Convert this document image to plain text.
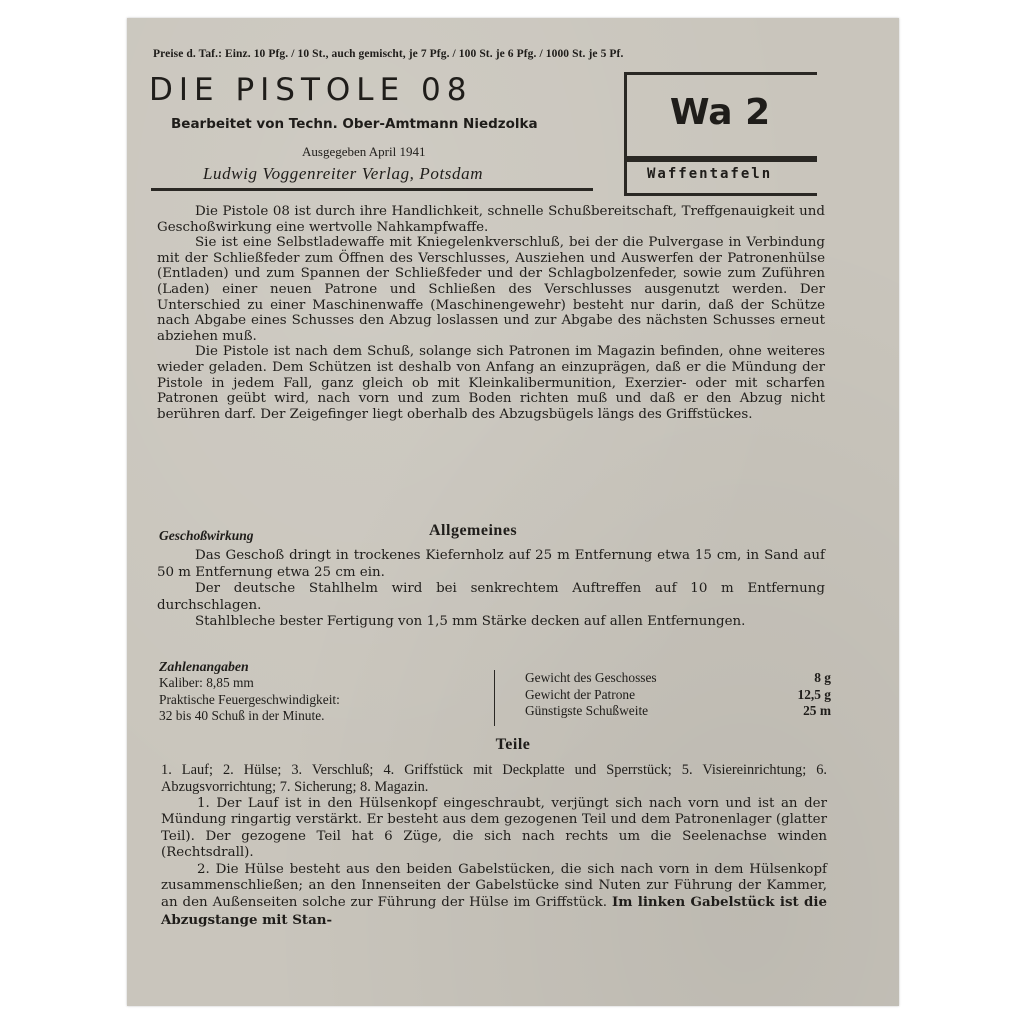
Preise d. Taf.: Einz. 10 Pfg. / 10 St., auch gemischt, je 7 Pfg. / 100 St. je 6 Pfg. / 1000 St. je 5 Pf.
DIE PISTOLE 08
Bearbeitet von Techn. Ober-Amtmann Niedzolka
Ausgegeben April 1941
Ludwig Voggenreiter Verlag, Potsdam
Wa 2
Waffentafeln

Die Pistole 08 ist durch ihre Handlichkeit, schnelle Schußbereitschaft, Treffgenauigkeit und Geschoßwirkung eine wertvolle Nahkampfwaffe.

Sie ist eine Selbstladewaffe mit Kniegelenkverschluß, bei der die Pulvergase in Verbindung mit der Schließfeder zum Öffnen des Verschlusses, Ausziehen und Auswerfen der Patronenhülse (Entladen) und zum Spannen der Schließfeder und der Schlagbolzenfeder, sowie zum Zuführen (Laden) einer neuen Patrone und Schließen des Verschlusses ausgenutzt werden. Der Unterschied zu einer Maschinenwaffe (Maschinengewehr) besteht nur darin, daß der Schütze nach Abgabe eines Schusses den Abzug loslassen und zur Abgabe des nächsten Schusses erneut abziehen muß.

Die Pistole ist nach dem Schuß, solange sich Patronen im Magazin befinden, ohne weiteres wieder geladen. Dem Schützen ist deshalb von Anfang an einzuprägen, daß er die Mündung der Pistole in jedem Fall, ganz gleich ob mit Kleinkalibermunition, Exerzier- oder mit scharfen Patronen geübt wird, nach vorn und zum Boden richten muß und daß er den Abzug nicht berühren darf. Der Zeigefinger liegt oberhalb des Abzugsbügels längs des Griffstückes.

Geschoßwirkung	Allgemeines

Das Geschoß dringt in trockenes Kiefernholz auf 25 m Entfernung etwa 15 cm, in Sand auf 50 m Entfernung etwa 25 cm ein.

Der deutsche Stahlhelm wird bei senkrechtem Auftreffen auf 10 m Entfernung durchschlagen.

Stahlbleche bester Fertigung von 1,5 mm Stärke decken auf allen Entfernungen.

Zahlenangaben
Kaliber: 8,85 mm
Praktische Feuergeschwindigkeit:
32 bis 40 Schuß in der Minute.
Gewicht des Geschosses	8 g
Gewicht der Patrone	12,5 g
Günstigste Schußweite	25 m
Teile
1. Lauf; 2. Hülse; 3. Verschluß; 4. Griffstück mit Deckplatte und Sperrstück; 5. Visiereinrichtung; 6. Abzugsvorrichtung; 7. Sicherung; 8. Magazin.

1. Der Lauf ist in den Hülsenkopf eingeschraubt, verjüngt sich nach vorn und ist an der Mündung ringartig verstärkt. Er besteht aus dem gezogenen Teil und dem Patronenlager (glatter Teil). Der gezogene Teil hat 6 Züge, die sich nach rechts um die Seelenachse winden (Rechtsdrall).

2. Die Hülse besteht aus den beiden Gabelstücken, die sich nach vorn in dem Hülsenkopf zusammenschließen; an den Innenseiten der Gabelstücke sind Nuten zur Führung der Kammer, an den Außenseiten solche zur Führung der Hülse im Griffstück. Im linken Gabelstück ist die Abzugstange mit Stan-
